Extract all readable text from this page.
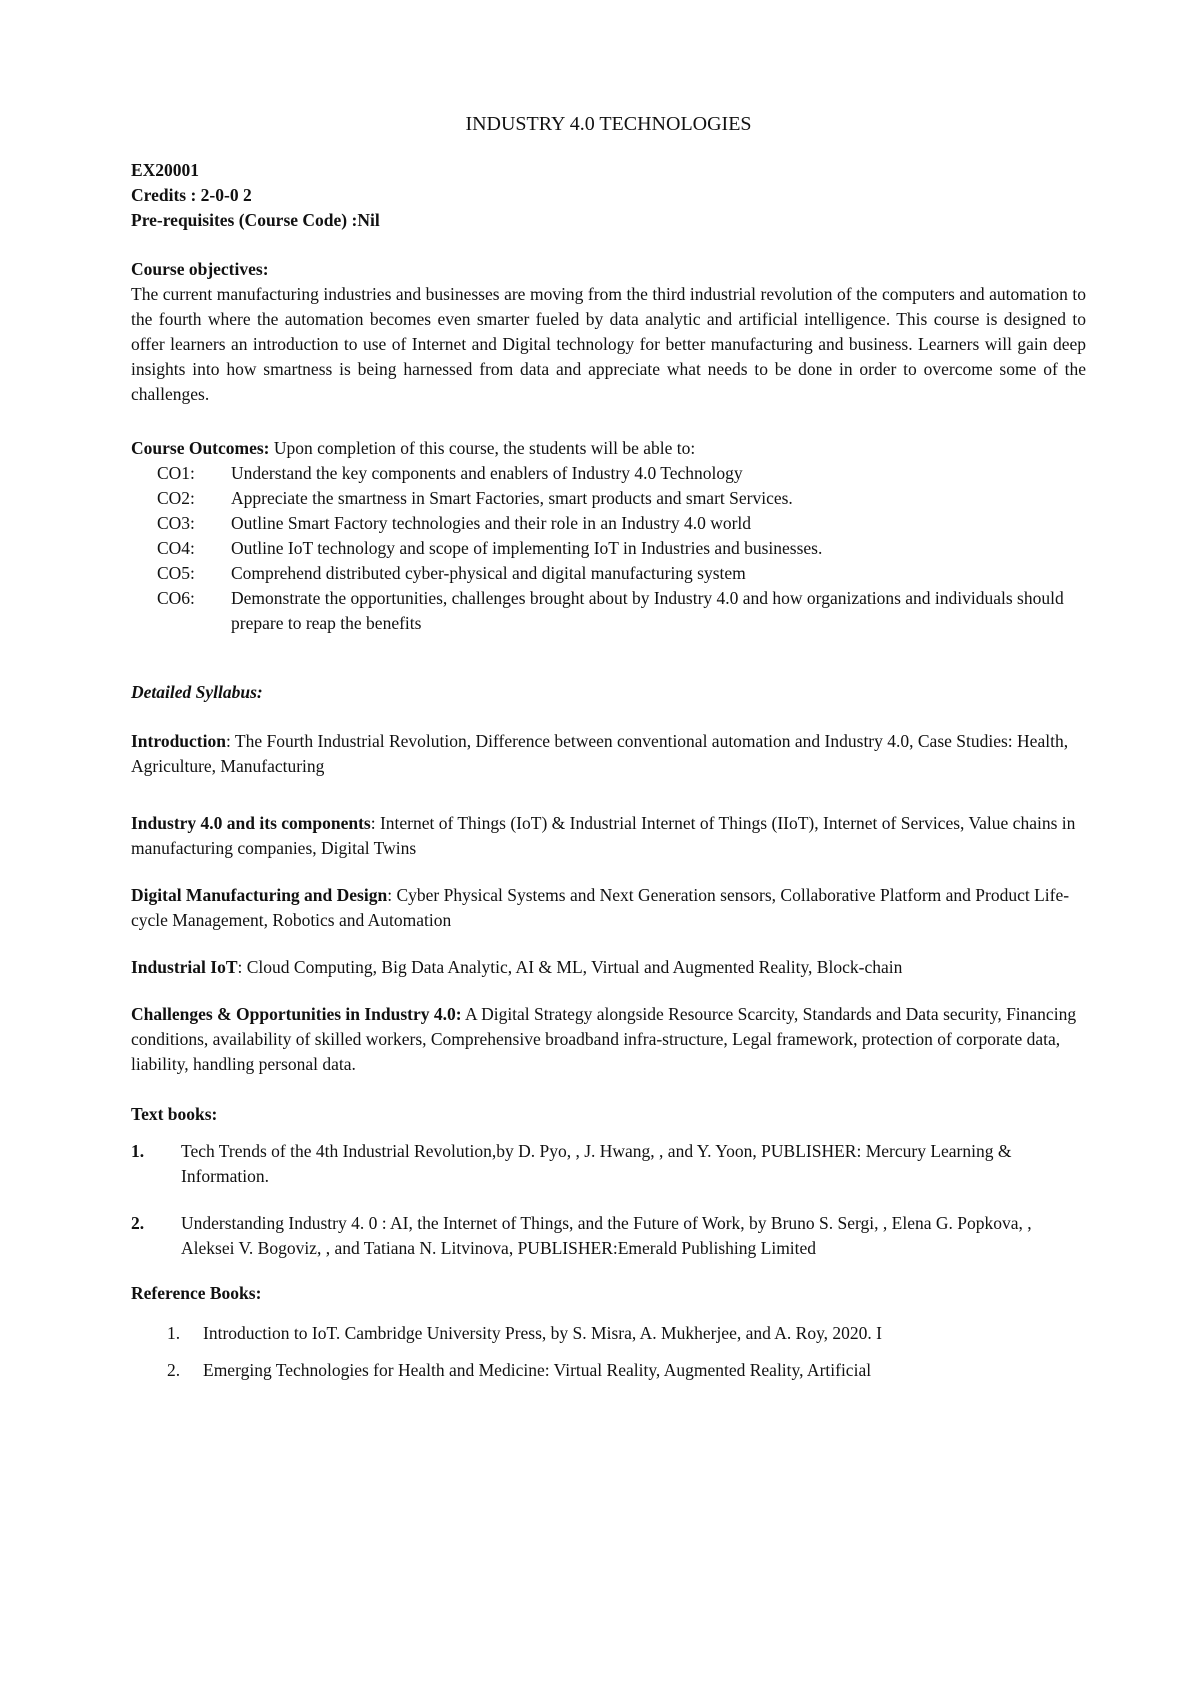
INDUSTRY 4.0 TECHNOLOGIES
EX20001
Credits : 2-0-0 2
Pre-requisites (Course Code) :Nil
Course objectives:
The current manufacturing industries and businesses are moving from the third industrial revolution of the computers and automation to the fourth where the automation becomes even smarter fueled by data analytic and artificial intelligence. This course is designed to offer learners an introduction to use of Internet and Digital technology for better manufacturing and business. Learners will gain deep insights into how smartness is being harnessed from data and appreciate what needs to be done in order to overcome some of the challenges.
Course Outcomes: Upon completion of this course, the students will be able to:
CO1:	Understand the key components and enablers of Industry 4.0 Technology
CO2:	Appreciate the smartness in Smart Factories, smart products and smart Services.
CO3:	Outline Smart Factory technologies and their role in an Industry 4.0 world
CO4:	Outline IoT technology and scope of implementing IoT in Industries and businesses.
CO5:	Comprehend distributed cyber-physical and digital manufacturing system
CO6:	Demonstrate the opportunities, challenges brought about by Industry 4.0 and how organizations and individuals should prepare to reap the benefits
Detailed Syllabus:
Introduction: The Fourth Industrial Revolution, Difference between conventional automation and Industry 4.0, Case Studies: Health, Agriculture, Manufacturing
Industry 4.0 and its components: Internet of Things (IoT) & Industrial Internet of Things (IIoT), Internet of Services, Value chains in manufacturing companies, Digital Twins
Digital Manufacturing and Design: Cyber Physical Systems and Next Generation sensors, Collaborative Platform and Product Life-cycle Management, Robotics and Automation
Industrial IoT: Cloud Computing, Big Data Analytic, AI & ML, Virtual and Augmented Reality, Block-chain
Challenges & Opportunities in Industry 4.0: A Digital Strategy alongside Resource Scarcity, Standards and Data security, Financing conditions, availability of skilled workers, Comprehensive broadband infra-structure, Legal framework, protection of corporate data, liability, handling personal data.
Text books:
1.	Tech Trends of the 4th Industrial Revolution,by D. Pyo, , J. Hwang, , and Y. Yoon, PUBLISHER: Mercury Learning & Information.
2.	Understanding Industry 4. 0 : AI, the Internet of Things, and the Future of Work, by Bruno S. Sergi, , Elena G. Popkova, , Aleksei V. Bogoviz, , and Tatiana N. Litvinova, PUBLISHER:Emerald Publishing Limited
Reference Books:
1.	Introduction to IoT. Cambridge University Press, by S. Misra, A. Mukherjee, and A. Roy, 2020. I
2.	Emerging Technologies for Health and Medicine: Virtual Reality, Augmented Reality, Artificial
